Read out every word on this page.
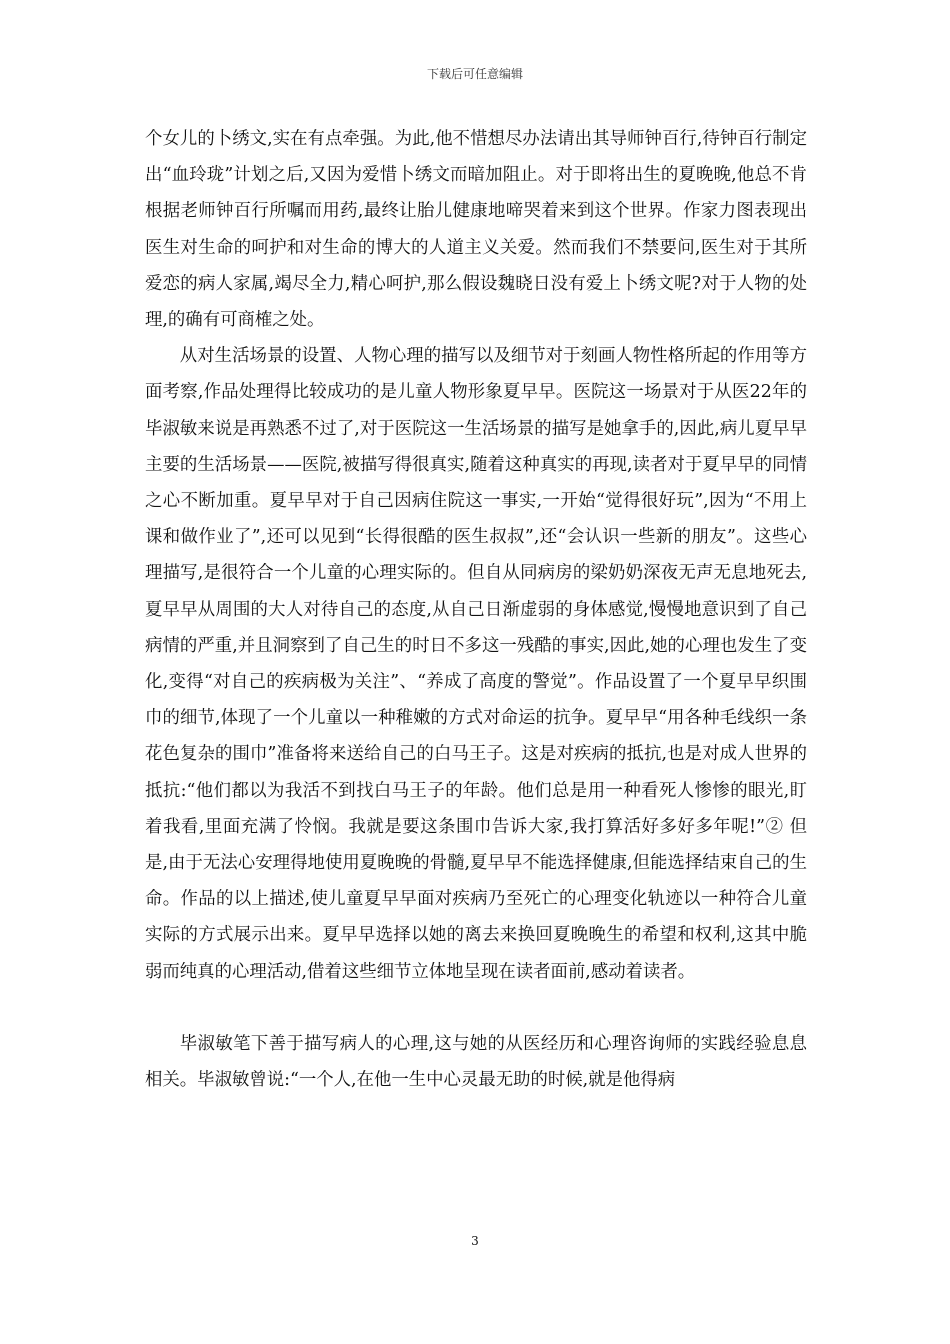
下载后可任意编辑

个女儿的卜绣文,实在有点牵强。为此,他不惜想尽办法请出其导师钟百行,待钟百行制定出“血玲珑”计划之后,又因为爱惜卜绣文而暗加阻止。对于即将出生的夏晚晚,他总不肯根据老师钟百行所嘱而用药,最终让胎儿健康地啼哭着来到这个世界。作家力图表现出医生对生命的呵护和对生命的博大的人道主义关爱。然而我们不禁要问,医生对于其所爱恋的病人家属,竭尽全力,精心呵护,那么假设魏晓日没有爱上卜绣文呢?对于人物的处理,的确有可商榷之处。

从对生活场景的设置、人物心理的描写以及细节对于刻画人物性格所起的作用等方面考察,作品处理得比较成功的是儿童人物形象夏早早。医院这一场景对于从医22年的毕淑敏来说是再熟悉不过了,对于医院这一生活场景的描写是她拿手的,因此,病儿夏早早主要的生活场景——医院,被描写得很真实,随着这种真实的再现,读者对于夏早早的同情之心不断加重。夏早早对于自己因病住院这一事实,一开始“觉得很好玩”,因为“不用上课和做作业了”,还可以见到“长得很酷的医生叔叔”,还“会认识一些新的朋友”。这些心理描写,是很符合一个儿童的心理实际的。但自从同病房的梁奶奶深夜无声无息地死去,夏早早从周围的大人对待自己的态度,从自己日渐虚弱的身体感觉,慢慢地意识到了自己病情的严重,并且洞察到了自己生的时日不多这一残酷的事实,因此,她的心理也发生了变化,变得“对自己的疾病极为关注”、“养成了高度的警觉”。作品设置了一个夏早早织围巾的细节,体现了一个儿童以一种稚嫩的方式对命运的抗争。夏早早“用各种毛线织一条花色复杂的围巾”准备将来送给自己的白马王子。这是对疾病的抵抗,也是对成人世界的抵抗:“他们都以为我活不到找白马王子的年龄。他们总是用一种看死人惨惨的眼光,盯着我看,里面充满了怜悯。我就是要这条围巾告诉大家,我打算活好多好多年呢!”② 但是,由于无法心安理得地使用夏晚晚的骨髓,夏早早不能选择健康,但能选择结束自己的生命。作品的以上描述,使儿童夏早早面对疾病乃至死亡的心理变化轨迹以一种符合儿童实际的方式展示出来。夏早早选择以她的离去来换回夏晚晚生的希望和权利,这其中脆弱而纯真的心理活动,借着这些细节立体地呈现在读者面前,感动着读者。

毕淑敏笔下善于描写病人的心理,这与她的从医经历和心理咨询师的实践经验息息相关。毕淑敏曾说:“一个人,在他一生中心灵最无助的时候,就是他得病

3
